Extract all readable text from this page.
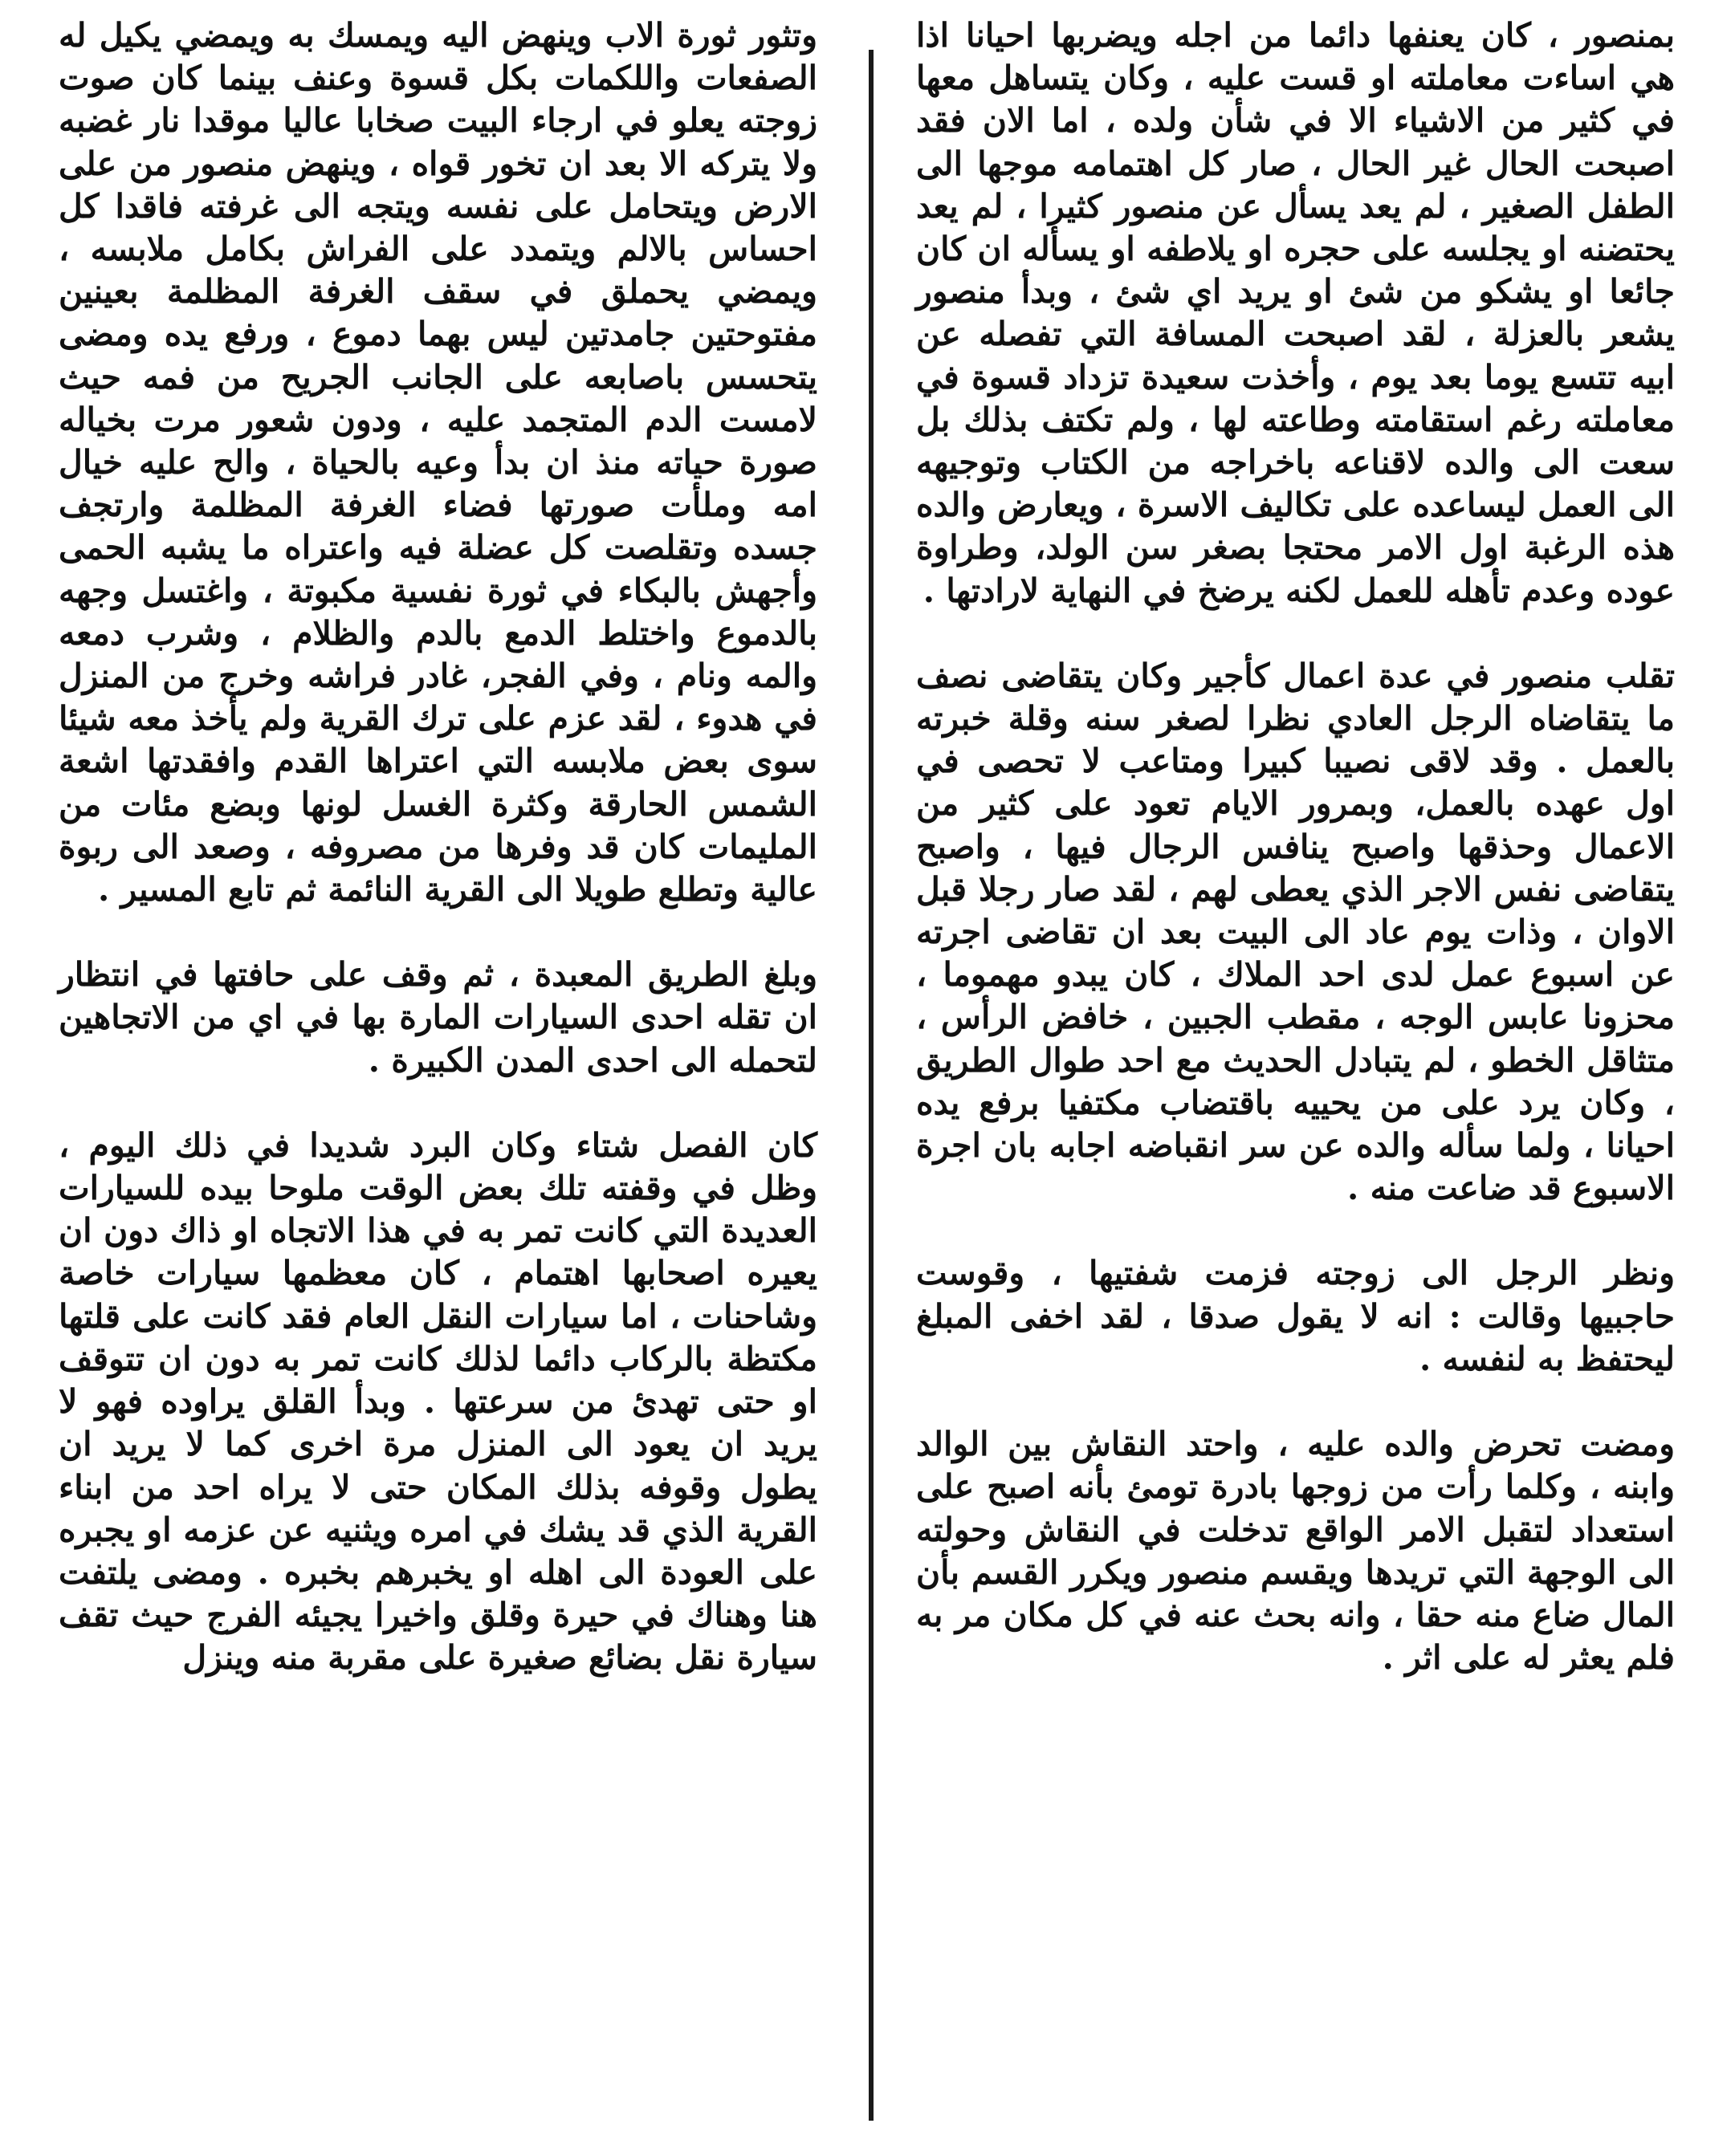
بمنصور ، كان يعنفها دائما من اجله ويضربها احيانا اذا هي اساءت معاملته او قست عليه ، وكان يتساهل معها في كثير من الاشياء الا في شأن ولده ، اما الان فقد اصبحت الحال غير الحال ، صار كل اهتمامه موجها الى الطفل الصغير ، لم يعد يسأل عن منصور كثيرا ، لم يعد يحتضنه او يجلسه على حجره او يلاطفه او يسأله ان كان جائعا او يشكو من شئ او يريد اي شئ ، وبدأ منصور يشعر بالعزلة ، لقد اصبحت المسافة التي تفصله عن ابيه تتسع يوما بعد يوم ، وأخذت سعيدة تزداد قسوة في معاملته رغم استقامته وطاعته لها ، ولم تكتف بذلك بل سعت الى والده لاقناعه باخراجه من الكتاب وتوجيهه الى العمل ليساعده على تكاليف الاسرة ، ويعارض والده هذه الرغبة اول الامر محتجا بصغر سن الولد، وطراوة عوده وعدم تأهله للعمل لكنه يرضخ في النهاية لارادتها .

تقلب منصور في عدة اعمال كأجير وكان يتقاضى نصف ما يتقاضاه الرجل العادي نظرا لصغر سنه وقلة خبرته بالعمل . وقد لاقى نصيبا كبيرا ومتاعب لا تحصى في اول عهده بالعمل، وبمرور الايام تعود على كثير من الاعمال وحذقها واصبح ينافس الرجال فيها ، واصبح يتقاضى نفس الاجر الذي يعطى لهم ، لقد صار رجلا قبل الاوان ، وذات يوم عاد الى البيت بعد ان تقاضى اجرته عن اسبوع عمل لدى احد الملاك ، كان يبدو مهموما ، محزونا عابس الوجه ، مقطب الجبين ، خافض الرأس ، متثاقل الخطو ، لم يتبادل الحديث مع احد طوال الطريق ، وكان يرد على من يحييه باقتضاب مكتفيا برفع يده احيانا ، ولما سأله والده عن سر انقباضه اجابه بان اجرة الاسبوع قد ضاعت منه .

ونظر الرجل الى زوجته فزمت شفتيها ، وقوست حاجبيها وقالت : انه لا يقول صدقا ، لقد اخفى المبلغ ليحتفظ به لنفسه .

ومضت تحرض والده عليه ، واحتد النقاش بين الوالد وابنه ، وكلما رأت من زوجها بادرة تومئ بأنه اصبح على استعداد لتقبل الامر الواقع تدخلت في النقاش وحولته الى الوجهة التي تريدها ويقسم منصور ويكرر القسم بأن المال ضاع منه حقا ، وانه بحث عنه في كل مكان مر به فلم يعثر له على اثر .

وتثور ثورة الاب وينهض اليه ويمسك به ويمضي يكيل له الصفعات واللكمات بكل قسوة وعنف بينما كان صوت زوجته يعلو في ارجاء البيت صخابا عاليا موقدا نار غضبه ولا يتركه الا بعد ان تخور قواه ، وينهض منصور من على الارض ويتحامل على نفسه ويتجه الى غرفته فاقدا كل احساس بالالم ويتمدد على الفراش بكامل ملابسه ، ويمضي يحملق في سقف الغرفة المظلمة بعينين مفتوحتين جامدتين ليس بهما دموع ، ورفع يده ومضى يتحسس باصابعه على الجانب الجريح من فمه حيث لامست الدم المتجمد عليه ، ودون شعور مرت بخياله صورة حياته منذ ان بدأ وعيه بالحياة ، والح عليه خيال امه وملأت صورتها فضاء الغرفة المظلمة وارتجف جسده وتقلصت كل عضلة فيه واعتراه ما يشبه الحمى وأجهش بالبكاء في ثورة نفسية مكبوتة ، واغتسل وجهه بالدموع واختلط الدمع بالدم والظلام ، وشرب دمعه والمه ونام ، وفي الفجر، غادر فراشه وخرج من المنزل في هدوء ، لقد عزم على ترك القرية ولم يأخذ معه شيئا سوى بعض ملابسه التي اعتراها القدم وافقدتها اشعة الشمس الحارقة وكثرة الغسل لونها وبضع مئات من المليمات كان قد وفرها من مصروفه ، وصعد الى ربوة عالية وتطلع طويلا الى القرية النائمة ثم تابع المسير .

وبلغ الطريق المعبدة ، ثم وقف على حافتها في انتظار ان تقله احدى السيارات المارة بها في اي من الاتجاهين لتحمله الى احدى المدن الكبيرة .

كان الفصل شتاء وكان البرد شديدا في ذلك اليوم ، وظل في وقفته تلك بعض الوقت ملوحا بيده للسيارات العديدة التي كانت تمر به في هذا الاتجاه او ذاك دون ان يعيره اصحابها اهتمام ، كان معظمها سيارات خاصة وشاحنات ، اما سيارات النقل العام فقد كانت على قلتها مكتظة بالركاب دائما لذلك كانت تمر به دون ان تتوقف او حتى تهدئ من سرعتها . وبدأ القلق يراوده فهو لا يريد ان يعود الى المنزل مرة اخرى كما لا يريد ان يطول وقوفه بذلك المكان حتى لا يراه احد من ابناء القرية الذي قد يشك في امره ويثنيه عن عزمه او يجبره على العودة الى اهله او يخبرهم بخبره . ومضى يلتفت هنا وهناك في حيرة وقلق واخيرا يجيئه الفرج حيث تقف سيارة نقل بضائع صغيرة على مقربة منه وينزل
